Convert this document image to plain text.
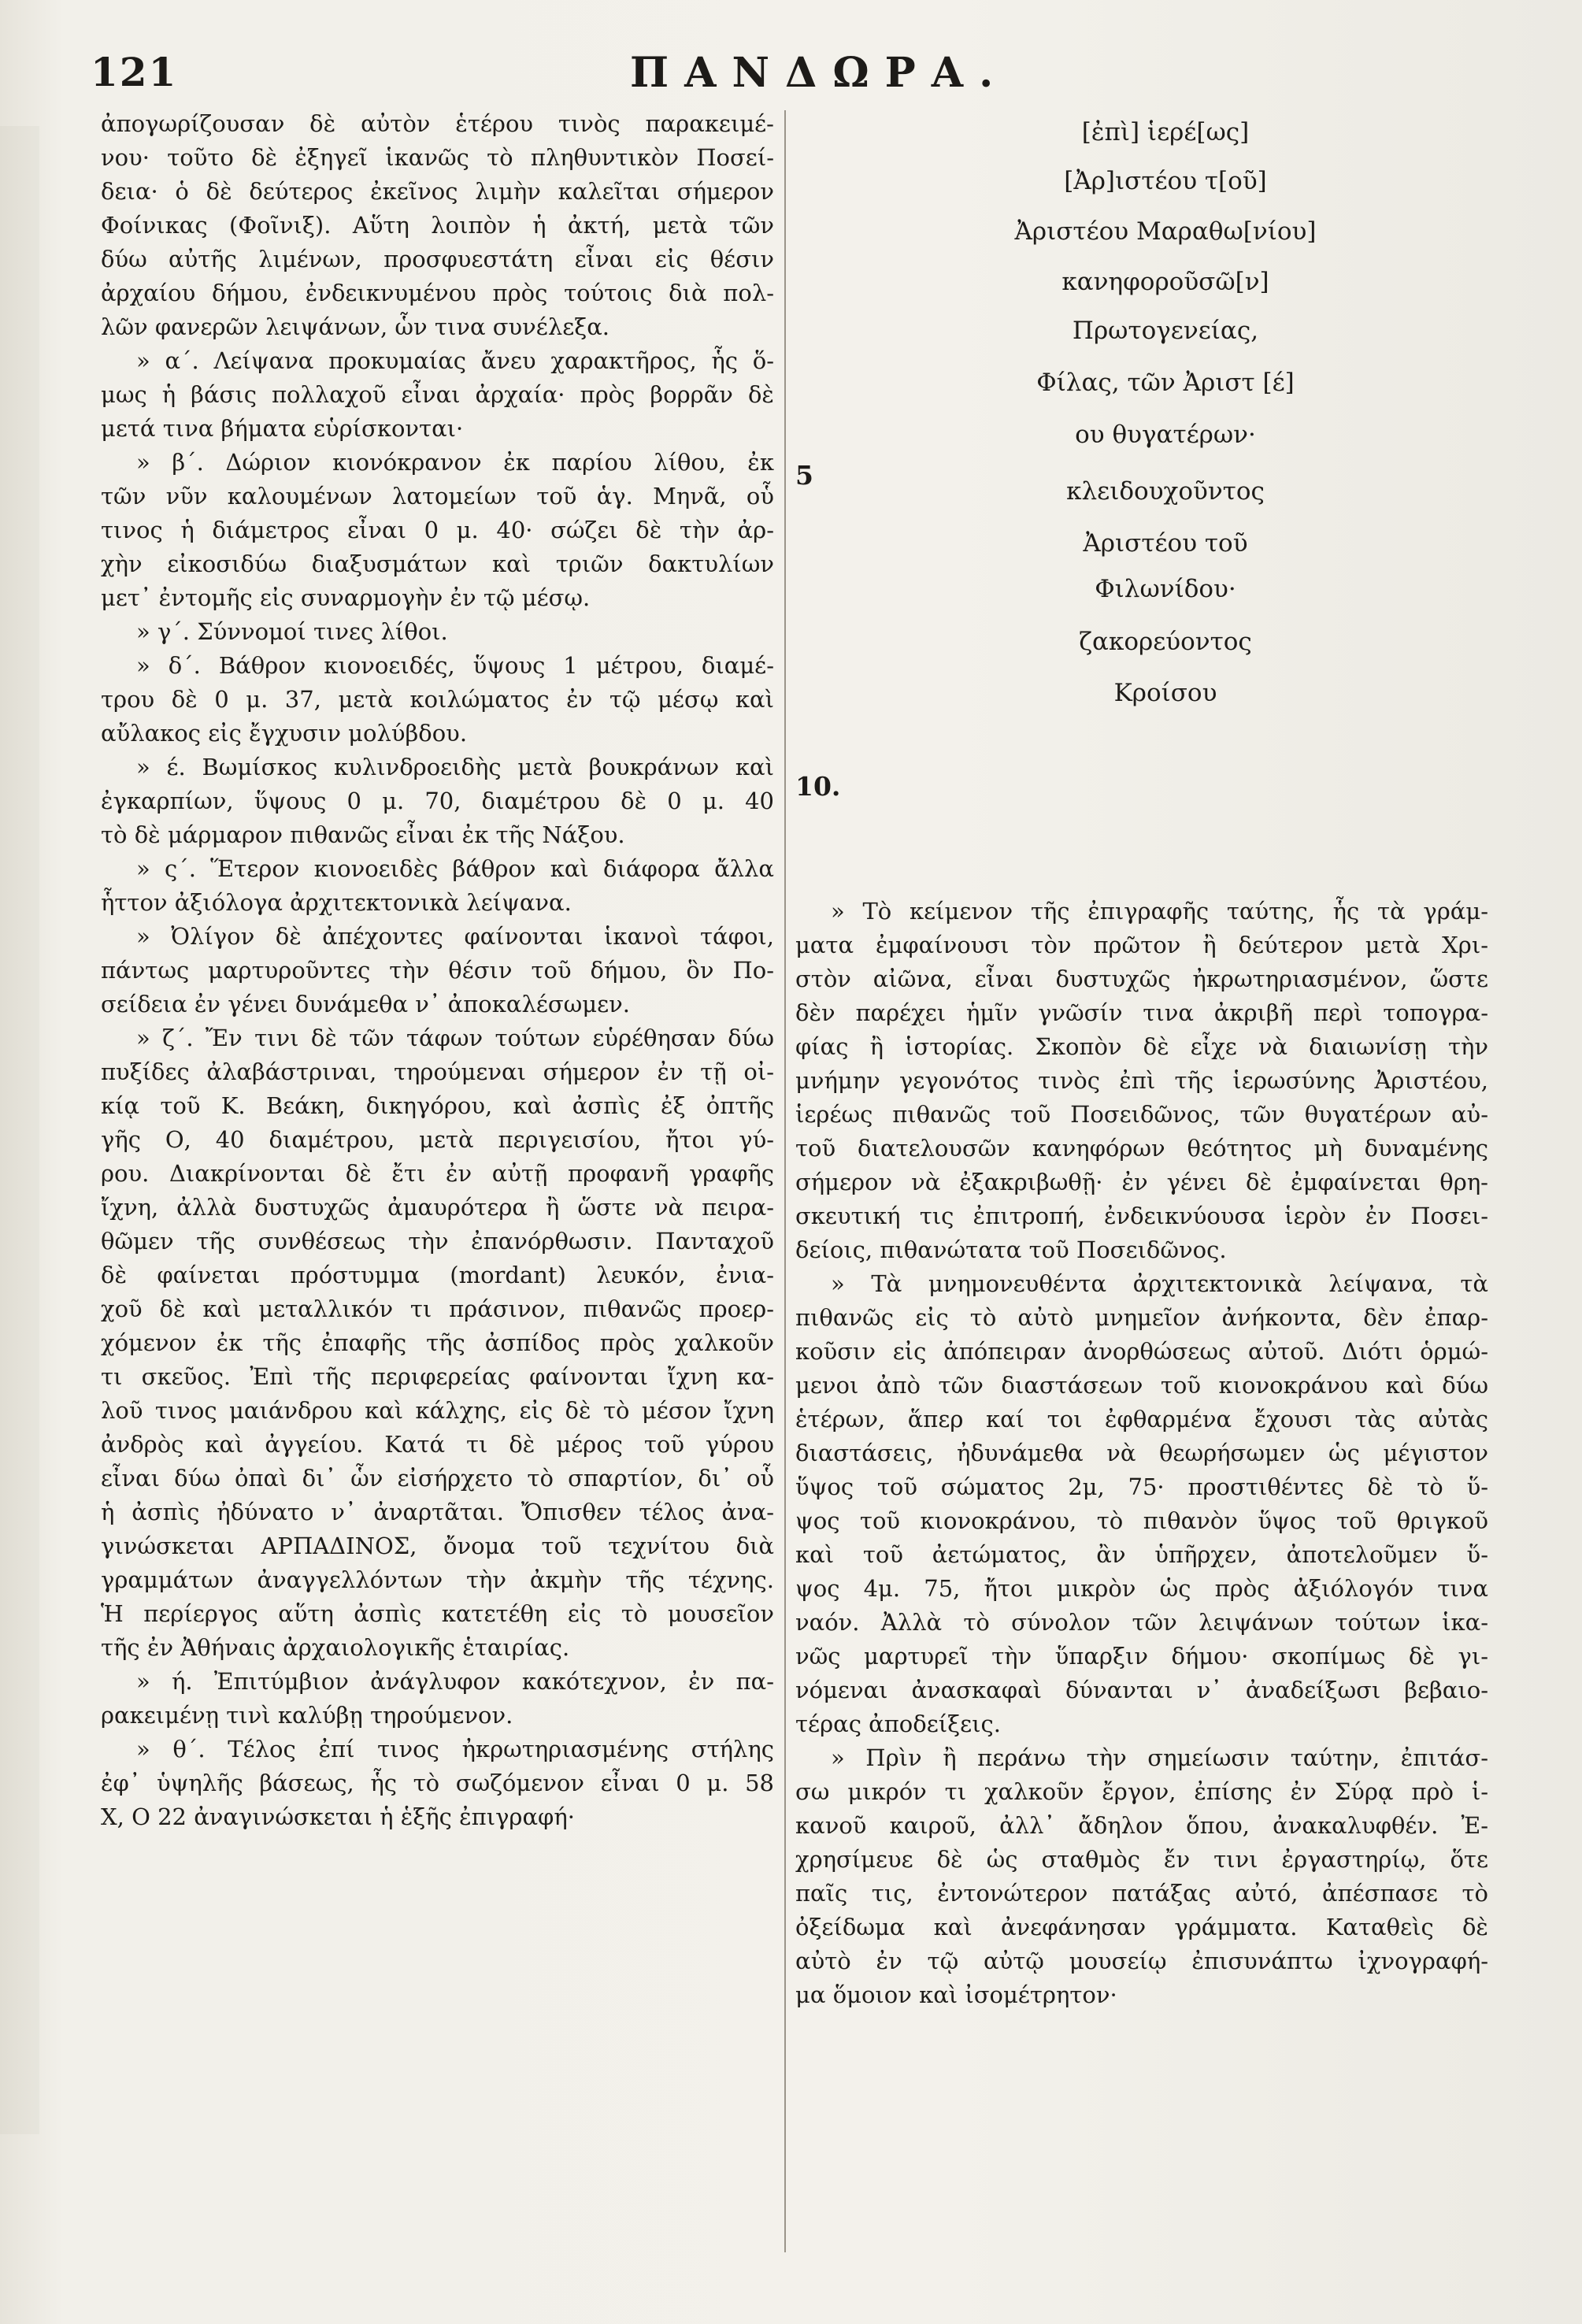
121	ΠΑΝΔΩΡΑ.
ἀπογωρίζουσαν δὲ αὐτὸν ἑτέρου τινὸς παρακειμέ-
νου· τοῦτο δὲ ἐξηγεῖ ἱκανῶς τὸ πληθυντικὸν Ποσεί-
δεια· ὁ δὲ δεύτερος ἐκεῖνος λιμὴν καλεῖται σήμερον
Φοίνικας (Φοῖνιξ). Αὕτη λοιπὸν ἡ ἀκτή, μετὰ τῶν
δύω αὐτῆς λιμένων, προσφυεστάτη εἶναι εἰς θέσιν
ἀρχαίου δήμου, ἐνδεικνυμένου πρὸς τούτοις διὰ πολ-
λῶν φανερῶν λειψάνων, ὧν τινα συνέλεξα.
» α΄. Λείψανα προκυμαίας ἄνευ χαρακτῆρος, ἧς ὅ-
μως ἡ βάσις πολλαχοῦ εἶναι ἀρχαία· πρὸς βορρᾶν δὲ
μετά τινα βήματα εὑρίσκονται·
» β΄. Δώριον κιονόκρανον ἐκ παρίου λίθου, ἐκ
τῶν νῦν καλουμένων λατομείων τοῦ ἁγ. Μηνᾶ, οὗ
τινος ἡ διάμετρος εἶναι 0 μ. 40· σώζει δὲ τὴν ἀρ-
χὴν εἰκοσιδύω διαξυσμάτων καὶ τριῶν δακτυλίων
μετ᾽ ἐντομῆς εἰς συναρμογὴν ἐν τῷ μέσῳ.
» γ΄. Σύννομοί τινες λίθοι.
» δ΄. Βάθρον κιονοειδές, ὕψους 1 μέτρου, διαμέ-
τρου δὲ 0 μ. 37, μετὰ κοιλώματος ἐν τῷ μέσῳ καὶ
αὔλακος εἰς ἔγχυσιν μολύβδου.
» έ. Βωμίσκος κυλινδροειδὴς μετὰ βουκράνων καὶ
ἐγκαρπίων, ὕψους 0 μ. 70, διαμέτρου δὲ 0 μ. 40
τὸ δὲ μάρμαρον πιθανῶς εἶναι ἐκ τῆς Νάξου.
» ς΄. Ἕτερον κιονοειδὲς βάθρον καὶ διάφορα ἄλλα
ἧττον ἀξιόλογα ἀρχιτεκτονικὰ λείψανα.
» Ὀλίγον δὲ ἀπέχοντες φαίνονται ἱκανοὶ τάφοι,
πάντως μαρτυροῦντες τὴν θέσιν τοῦ δήμου, ὃν Πο-
σείδεια ἐν γένει δυνάμεθα ν᾽ ἀποκαλέσωμεν.
» ζ΄. Ἔν τινι δὲ τῶν τάφων τούτων εὑρέθησαν δύω
πυξίδες ἀλαβάστριναι, τηρούμεναι σήμερον ἐν τῇ οἰ-
κίᾳ τοῦ Κ. Βεάκη, δικηγόρου, καὶ ἀσπὶς ἐξ ὀπτῆς
γῆς Ο, 40 διαμέτρου, μετὰ περιγεισίου, ἤτοι γύ-
ρου. Διακρίνονται δὲ ἔτι ἐν αὐτῇ προφανῆ γραφῆς
ἴχνη, ἀλλὰ δυστυχῶς ἀμαυρότερα ἢ ὥστε νὰ πειρα-
θῶμεν τῆς συνθέσεως τὴν ἐπανόρθωσιν. Πανταχοῦ
δὲ φαίνεται πρόστυμμα (mordant) λευκόν, ἐνια-
χοῦ δὲ καὶ μεταλλικόν τι πράσινον, πιθανῶς προερ-
χόμενον ἐκ τῆς ἐπαφῆς τῆς ἀσπίδος πρὸς χαλκοῦν
τι σκεῦος. Ἐπὶ τῆς περιφερείας φαίνονται ἴχνη κα-
λοῦ τινος μαιάνδρου καὶ κάλχης, εἰς δὲ τὸ μέσον ἴχνη
ἀνδρὸς καὶ ἀγγείου. Κατά τι δὲ μέρος τοῦ γύρου
εἶναι δύω ὀπαὶ δι᾽ ὧν εἰσήρχετο τὸ σπαρτίον, δι᾽ οὗ
ἡ ἀσπὶς ἠδύνατο ν᾽ ἀναρτᾶται. Ὄπισθεν τέλος ἀνα-
γινώσκεται ΑΡΠΑΔΙΝΟΣ, ὄνομα τοῦ τεχνίτου διὰ
γραμμάτων ἀναγγελλόντων τὴν ἀκμὴν τῆς τέχνης.
Ἡ περίεργος αὕτη ἀσπὶς κατετέθη εἰς τὸ μουσεῖον
τῆς ἐν Ἀθήναις ἀρχαιολογικῆς ἑταιρίας.
» ή. Ἐπιτύμβιον ἀνάγλυφον κακότεχνον, ἐν πα-
ρακειμένῃ τινὶ καλύβῃ τηρούμενον.
» θ΄. Τέλος ἐπί τινος ἠκρωτηριασμένης στήλης
ἐφ᾽ ὑψηλῆς βάσεως, ἧς τὸ σωζόμενον εἶναι 0 μ. 58
Χ, Ο 22 ἀναγινώσκεται ἡ ἑξῆς ἐπιγραφή·
5
10.
[ἐπὶ] ἱερέ[ως]
[Ἀρ]ιστέου τ[οῦ]
Ἀριστέου Μαραθω[νίου]
κανηφοροῦσῶ[ν]
Πρωτογενείας,
Φίλας, τῶν Ἀριστ [έ]
ου θυγατέρων·
κλειδουχοῦντος
Ἀριστέου τοῦ
Φιλωνίδου·
ζακορεύοντος
Κροίσου
» Τὸ κείμενον τῆς ἐπιγραφῆς ταύτης, ἧς τὰ γράμ-
ματα ἐμφαίνουσι τὸν πρῶτον ἢ δεύτερον μετὰ Χρι-
στὸν αἰῶνα, εἶναι δυστυχῶς ἠκρωτηριασμένον, ὥστε
δὲν παρέχει ἡμῖν γνῶσίν τινα ἀκριβῆ περὶ τοπογρα-
φίας ἢ ἱστορίας. Σκοπὸν δὲ εἶχε νὰ διαιωνίσῃ τὴν
μνήμην γεγονότος τινὸς ἐπὶ τῆς ἱερωσύνης Ἀριστέου,
ἱερέως πιθανῶς τοῦ Ποσειδῶνος, τῶν θυγατέρων αὐ-
τοῦ διατελουσῶν κανηφόρων θεότητος μὴ δυναμένης
σήμερον νὰ ἐξακριβωθῇ· ἐν γένει δὲ ἐμφαίνεται θρη-
σκευτική τις ἐπιτροπή, ἐνδεικνύουσα ἱερὸν ἐν Ποσει-
δείοις, πιθανώτατα τοῦ Ποσειδῶνος.
» Τὰ μνημονευθέντα ἀρχιτεκτονικὰ λείψανα, τὰ
πιθανῶς εἰς τὸ αὐτὸ μνημεῖον ἀνήκοντα, δὲν ἐπαρ-
κοῦσιν εἰς ἀπόπειραν ἀνορθώσεως αὐτοῦ. Διότι ὁρμώ-
μενοι ἀπὸ τῶν διαστάσεων τοῦ κιονοκράνου καὶ δύω
ἑτέρων, ἅπερ καί τοι ἐφθαρμένα ἔχουσι τὰς αὐτὰς
διαστάσεις, ἠδυνάμεθα νὰ θεωρήσωμεν ὡς μέγιστον
ὕψος τοῦ σώματος 2μ, 75· προστιθέντες δὲ τὸ ὕ-
ψος τοῦ κιονοκράνου, τὸ πιθανὸν ὕψος τοῦ θριγκοῦ
καὶ τοῦ ἀετώματος, ἂν ὑπῆρχεν, ἀποτελοῦμεν ὕ-
ψος 4μ. 75, ἤτοι μικρὸν ὡς πρὸς ἀξιόλογόν τινα
ναόν. Ἀλλὰ τὸ σύνολον τῶν λειψάνων τούτων ἱκα-
νῶς μαρτυρεῖ τὴν ὕπαρξιν δήμου· σκοπίμως δὲ γι-
νόμεναι ἀνασκαφαὶ δύνανται ν᾽ ἀναδείξωσι βεβαιο-
τέρας ἀποδείξεις.
» Πρὶν ἢ περάνω τὴν σημείωσιν ταύτην, ἐπιτάσ-
σω μικρόν τι χαλκοῦν ἔργον, ἐπίσης ἐν Σύρᾳ πρὸ ἱ-
κανοῦ καιροῦ, ἀλλ᾽ ἄδηλον ὅπου, ἀνακαλυφθέν. Ἐ-
χρησίμευε δὲ ὡς σταθμὸς ἔν τινι ἐργαστηρίῳ, ὅτε
παῖς τις, ἐντονώτερον πατάξας αὐτό, ἀπέσπασε τὸ
ὀξείδωμα καὶ ἀνεφάνησαν γράμματα. Καταθεὶς δὲ
αὐτὸ ἐν τῷ αὐτῷ μουσείῳ ἐπισυνάπτω ἰχνογραφή-
μα ὅμοιον καὶ ἰσομέτρητον·
